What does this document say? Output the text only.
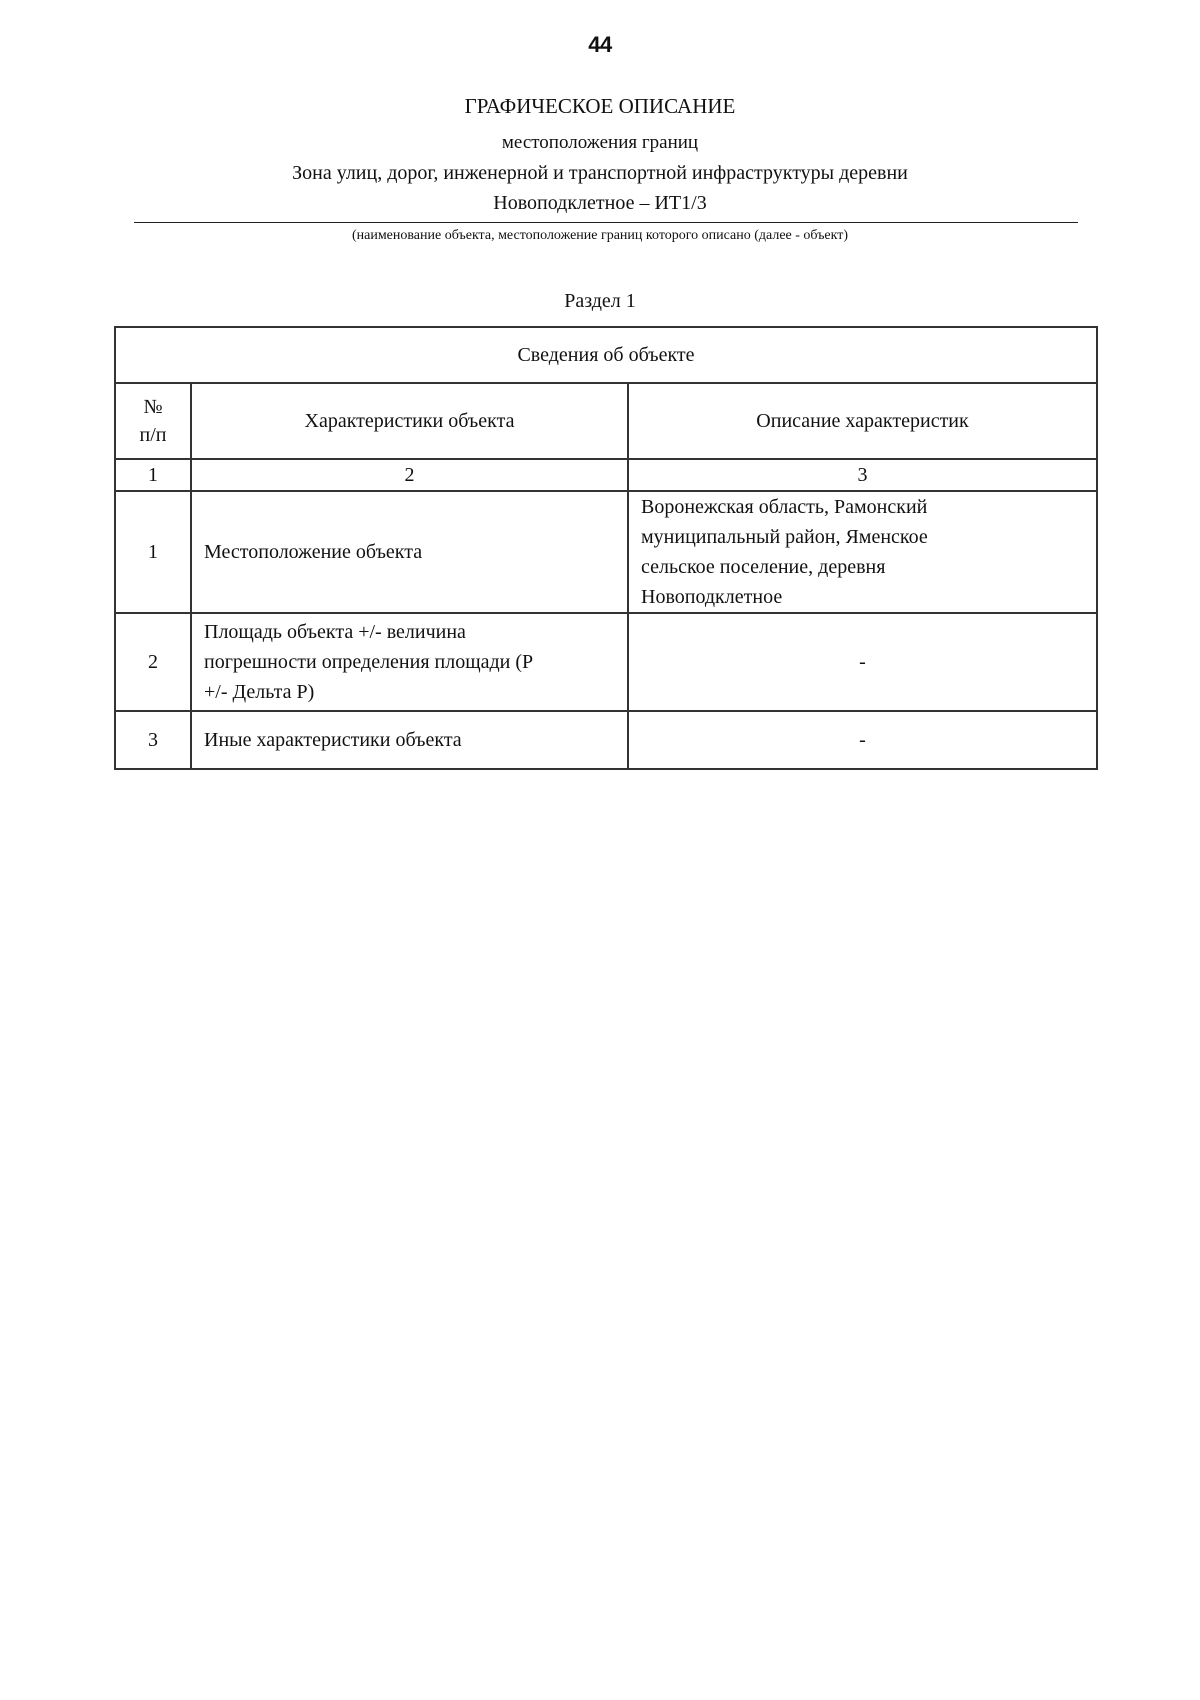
44
ГРАФИЧЕСКОЕ ОПИСАНИЕ
местоположения границ
Зона улиц, дорог, инженерной и транспортной инфраструктуры деревни
Новоподклетное – ИТ1/3
(наименование объекта, местоположение границ которого описано (далее - объект)
Раздел 1
Сведения об объекте		

№
п/п	Характеристики объекта	Описание характеристик
1	2	3
1	Местоположение объекта	Воронежская область, Рамонский
муниципальный район, Яменское
сельское поселение, деревня
Новоподклетное

2	Площадь объекта +/- величина
погрешности определения площади (Р
+/- Дельта Р)	-

3	Иные характеристики объекта	-
